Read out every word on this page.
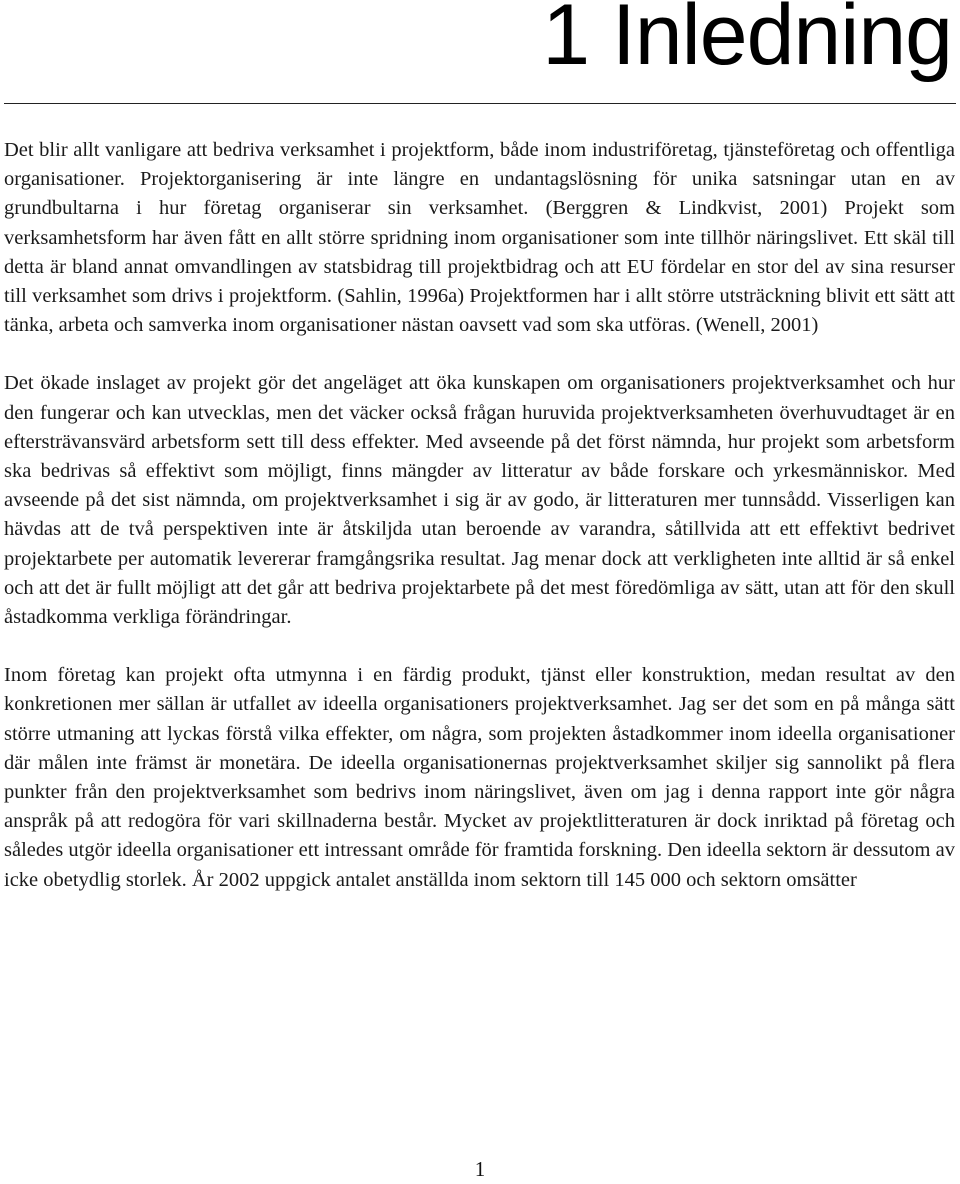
1 Inledning

Det blir allt vanligare att bedriva verksamhet i projektform, både inom industriföretag, tjänsteföretag och offentliga organisationer. Projektorganisering är inte längre en undantagslösning för unika satsningar utan en av grundbultarna i hur företag organiserar sin verksamhet. (Berggren & Lindkvist, 2001) Projekt som verksamhetsform har även fått en allt större spridning inom organisationer som inte tillhör näringslivet. Ett skäl till detta är bland annat omvandlingen av statsbidrag till projektbidrag och att EU fördelar en stor del av sina resurser till verksamhet som drivs i projektform. (Sahlin, 1996a) Projektformen har i allt större utsträckning blivit ett sätt att tänka, arbeta och samverka inom organisationer nästan oavsett vad som ska utföras. (Wenell, 2001)

Det ökade inslaget av projekt gör det angeläget att öka kunskapen om organisationers projektverksamhet och hur den fungerar och kan utvecklas, men det väcker också frågan huruvida projektverksamheten överhuvudtaget är en eftersträvansvärd arbetsform sett till dess effekter. Med avseende på det först nämnda, hur projekt som arbetsform ska bedrivas så effektivt som möjligt, finns mängder av litteratur av både forskare och yrkesmänniskor. Med avseende på det sist nämnda, om projektverksamhet i sig är av godo, är litteraturen mer tunnsådd. Visserligen kan hävdas att de två perspektiven inte är åtskiljda utan beroende av varandra, såtillvida att ett effektivt bedrivet projektarbete per automatik levererar framgångsrika resultat. Jag menar dock att verkligheten inte alltid är så enkel och att det är fullt möjligt att det går att bedriva projektarbete på det mest föredömliga av sätt, utan att för den skull åstadkomma verkliga förändringar.

Inom företag kan projekt ofta utmynna i en färdig produkt, tjänst eller konstruktion, medan resultat av den konkretionen mer sällan är utfallet av ideella organisationers projektverksamhet. Jag ser det som en på många sätt större utmaning att lyckas förstå vilka effekter, om några, som projekten åstadkommer inom ideella organisationer där målen inte främst är monetära. De ideella organisationernas projektverksamhet skiljer sig sannolikt på flera punkter från den projektverksamhet som bedrivs inom näringslivet, även om jag i denna rapport inte gör några anspråk på att redogöra för vari skillnaderna består. Mycket av projektlitteraturen är dock inriktad på företag och således utgör ideella organisationer ett intressant område för framtida forskning. Den ideella sektorn är dessutom av icke obetydlig storlek. År 2002 uppgick antalet anställda inom sektorn till 145 000 och sektorn omsätter

1
